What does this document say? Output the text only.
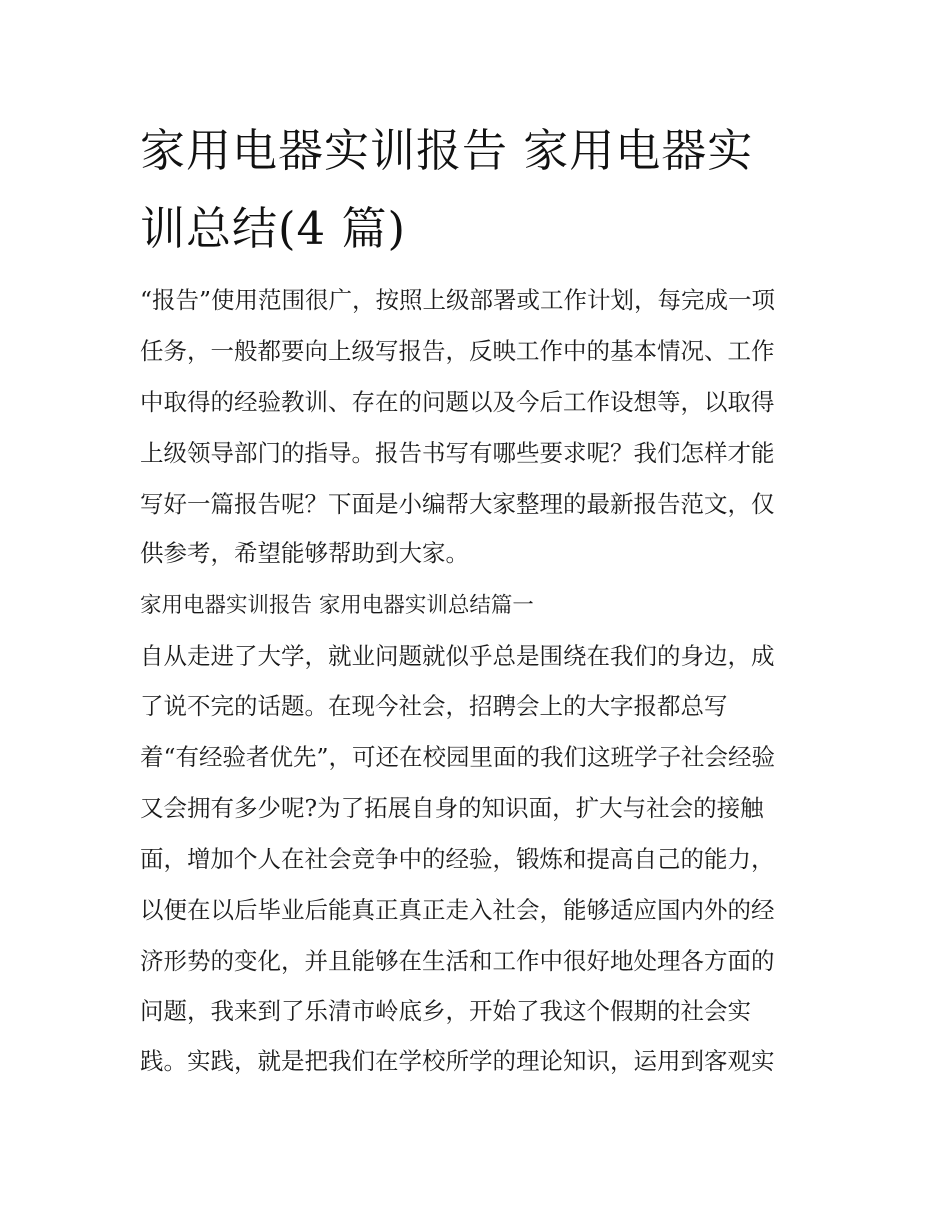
家用电器实训报告 家用电器实
训总结(4 篇)

“报告”使用范围很广，按照上级部署或工作计划，每完成一项

任务，一般都要向上级写报告，反映工作中的基本情况、工作

中取得的经验教训、存在的问题以及今后工作设想等，以取得

上级领导部门的指导。报告书写有哪些要求呢？我们怎样才能

写好一篇报告呢？下面是小编帮大家整理的最新报告范文，仅

供参考，希望能够帮助到大家。

家用电器实训报告 家用电器实训总结篇一

自从走进了大学，就业问题就似乎总是围绕在我们的身边，成

了说不完的话题。在现今社会，招聘会上的大字报都总写

着“有经验者优先”，可还在校园里面的我们这班学子社会经验

又会拥有多少呢?为了拓展自身的知识面，扩大与社会的接触

面，增加个人在社会竞争中的经验，锻炼和提高自己的能力，

以便在以后毕业后能真正真正走入社会，能够适应国内外的经

济形势的变化，并且能够在生活和工作中很好地处理各方面的

问题，我来到了乐清市岭底乡，开始了我这个假期的社会实

践。实践，就是把我们在学校所学的理论知识，运用到客观实
